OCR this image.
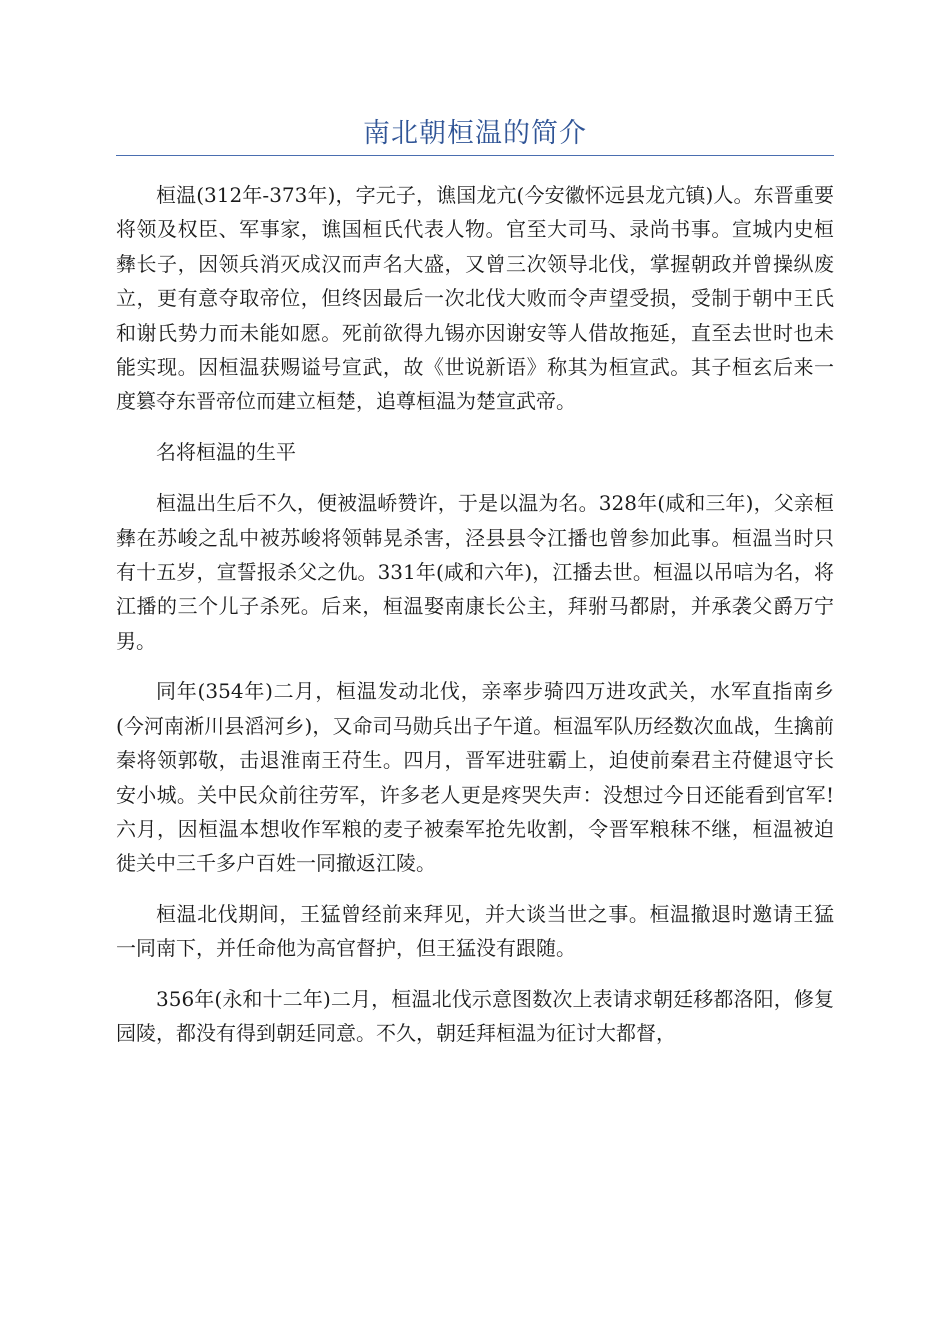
南北朝桓温的简介

桓温(312年-373年)，字元子，谯国龙亢(今安徽怀远县龙亢镇)人。东晋重要将领及权臣、军事家，谯国桓氏代表人物。官至大司马、录尚书事。宣城内史桓彝长子，因领兵消灭成汉而声名大盛，又曾三次领导北伐，掌握朝政并曾操纵废立，更有意夺取帝位，但终因最后一次北伐大败而令声望受损，受制于朝中王氏和谢氏势力而未能如愿。死前欲得九锡亦因谢安等人借故拖延，直至去世时也未能实现。因桓温获赐谥号宣武，故《世说新语》称其为桓宣武。其子桓玄后来一度篡夺东晋帝位而建立桓楚，追尊桓温为楚宣武帝。

名将桓温的生平

桓温出生后不久，便被温峤赞许，于是以温为名。328年(咸和三年)，父亲桓彝在苏峻之乱中被苏峻将领韩晃杀害，泾县县令江播也曾参加此事。桓温当时只有十五岁，宣誓报杀父之仇。331年(咸和六年)，江播去世。桓温以吊唁为名，将江播的三个儿子杀死。后来，桓温娶南康长公主，拜驸马都尉，并承袭父爵万宁男。

同年(354年)二月，桓温发动北伐，亲率步骑四万进攻武关，水军直指南乡(今河南淅川县滔河乡)，又命司马勋兵出子午道。桓温军队历经数次血战，生擒前秦将领郭敬，击退淮南王苻生。四月，晋军进驻霸上，迫使前秦君主苻健退守长安小城。关中民众前往劳军，许多老人更是疼哭失声：没想过今日还能看到官军!六月，因桓温本想收作军粮的麦子被秦军抢先收割，令晋军粮秣不继，桓温被迫徙关中三千多户百姓一同撤返江陵。

桓温北伐期间，王猛曾经前来拜见，并大谈当世之事。桓温撤退时邀请王猛一同南下，并任命他为高官督护，但王猛没有跟随。

356年(永和十二年)二月，桓温北伐示意图数次上表请求朝廷移都洛阳，修复园陵，都没有得到朝廷同意。不久，朝廷拜桓温为征讨大都督，
